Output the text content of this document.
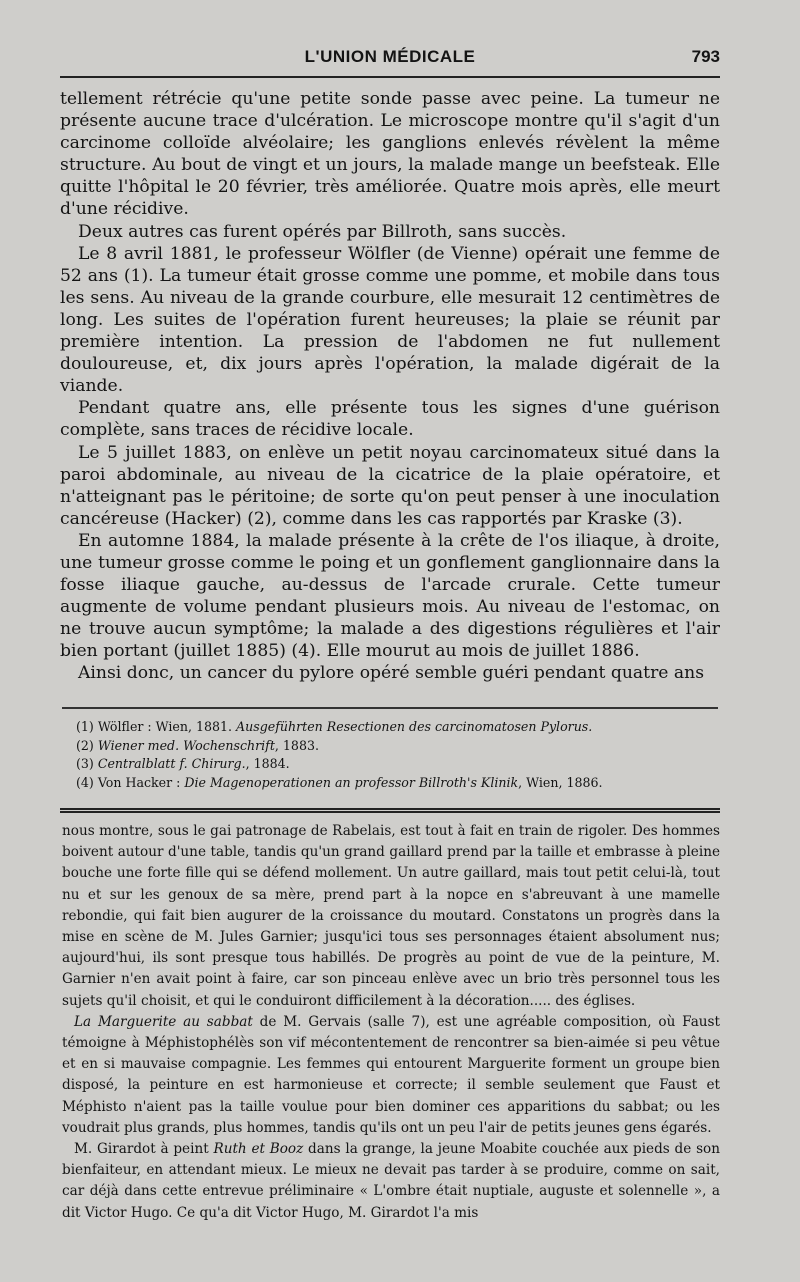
L'UNION MÉDICALE	793

tellement rétrécie qu'une petite sonde passe avec peine. La tumeur ne présente aucune trace d'ulcération. Le microscope montre qu'il s'agit d'un carcinome colloïde alvéolaire; les ganglions enlevés révèlent la même structure. Au bout de vingt et un jours, la malade mange un beefsteak. Elle quitte l'hôpital le 20 février, très améliorée. Quatre mois après, elle meurt d'une récidive.

Deux autres cas furent opérés par Billroth, sans succès.

Le 8 avril 1881, le professeur Wölfler (de Vienne) opérait une femme de 52 ans (1). La tumeur était grosse comme une pomme, et mobile dans tous les sens. Au niveau de la grande courbure, elle mesurait 12 centimètres de long. Les suites de l'opération furent heureuses; la plaie se réunit par première intention. La pression de l'abdomen ne fut nullement douloureuse, et, dix jours après l'opération, la malade digérait de la viande.

Pendant quatre ans, elle présente tous les signes d'une guérison complète, sans traces de récidive locale.

Le 5 juillet 1883, on enlève un petit noyau carcinomateux situé dans la paroi abdominale, au niveau de la cicatrice de la plaie opératoire, et n'atteignant pas le péritoine; de sorte qu'on peut penser à une inoculation cancéreuse (Hacker) (2), comme dans les cas rapportés par Kraske (3).

En automne 1884, la malade présente à la crête de l'os iliaque, à droite, une tumeur grosse comme le poing et un gonflement ganglionnaire dans la fosse iliaque gauche, au-dessus de l'arcade crurale. Cette tumeur augmente de volume pendant plusieurs mois. Au niveau de l'estomac, on ne trouve aucun symptôme; la malade a des digestions régulières et l'air bien portant (juillet 1885) (4). Elle mourut au mois de juillet 1886.

Ainsi donc, un cancer du pylore opéré semble guéri pendant quatre ans

(1) Wölfler : Wien, 1881. Ausgeführten Resectionen des carcinomatosen Pylorus.
(2) Wiener med. Wochenschrift, 1883.
(3) Centralblatt f. Chirurg., 1884.
(4) Von Hacker : Die Magenoperationen an professor Billroth's Klinik, Wien, 1886.

nous montre, sous le gai patronage de Rabelais, est tout à fait en train de rigoler. Des hommes boivent autour d'une table, tandis qu'un grand gaillard prend par la taille et embrasse à pleine bouche une forte fille qui se défend mollement. Un autre gaillard, mais tout petit celui-là, tout nu et sur les genoux de sa mère, prend part à la nopce en s'abreuvant à une mamelle rebondie, qui fait bien augurer de la croissance du moutard. Constatons un progrès dans la mise en scène de M. Jules Garnier; jusqu'ici tous ses personnages étaient absolument nus; aujourd'hui, ils sont presque tous habillés. De progrès au point de vue de la peinture, M. Garnier n'en avait point à faire, car son pinceau enlève avec un brio très personnel tous les sujets qu'il choisit, et qui le conduiront difficilement à la décoration..... des églises.

La Marguerite au sabbat de M. Gervais (salle 7), est une agréable composition, où Faust témoigne à Méphistophélès son vif mécontentement de rencontrer sa bien-aimée si peu vêtue et en si mauvaise compagnie. Les femmes qui entourent Marguerite forment un groupe bien disposé, la peinture en est harmonieuse et correcte; il semble seulement que Faust et Méphisto n'aient pas la taille voulue pour bien dominer ces apparitions du sabbat; ou les voudrait plus grands, plus hommes, tandis qu'ils ont un peu l'air de petits jeunes gens égarés.

M. Girardot à peint Ruth et Booz dans la grange, la jeune Moabite couchée aux pieds de son bienfaiteur, en attendant mieux. Le mieux ne devait pas tarder à se produire, comme on sait, car déjà dans cette entrevue préliminaire « L'ombre était nuptiale, auguste et solennelle », a dit Victor Hugo. Ce qu'a dit Victor Hugo, M. Girardot l'a mis
